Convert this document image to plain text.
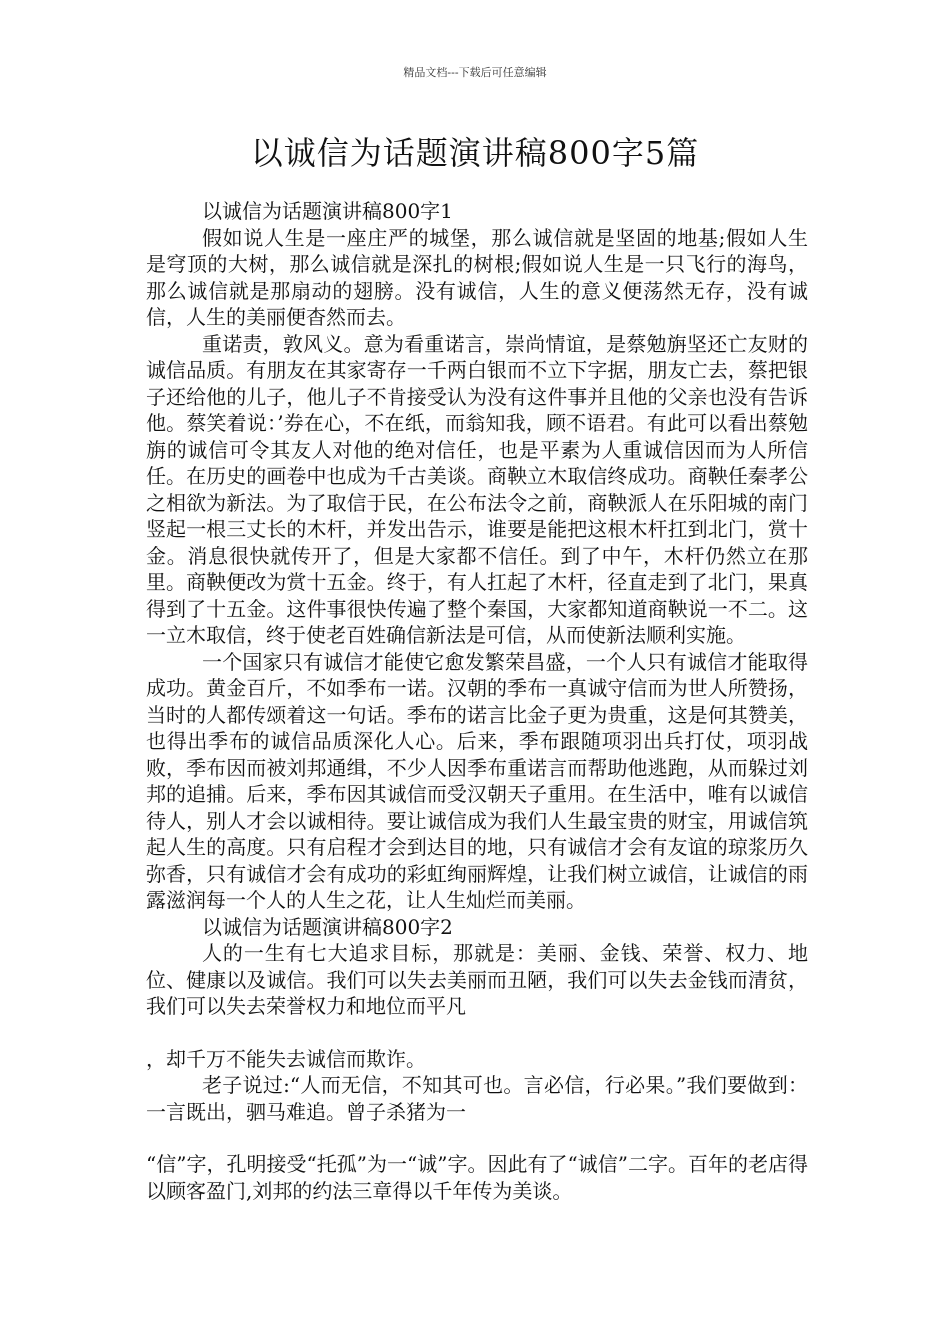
精品文档---下载后可任意编辑
以诚信为话题演讲稿800字5篇

以诚信为话题演讲稿800字1

假如说人生是一座庄严的城堡，那么诚信就是坚固的地基;假如人生是穹顶的大树，那么诚信就是深扎的树根;假如说人生是一只飞行的海鸟，那么诚信就是那扇动的翅膀。没有诚信，人生的意义便荡然无存，没有诚信，人生的美丽便杳然而去。

重诺责，敦风义。意为看重诺言，崇尚情谊，是蔡勉旃坚还亡友财的诚信品质。有朋友在其家寄存一千两白银而不立下字据，朋友亡去，蔡把银子还给他的儿子，他儿子不肯接受认为没有这件事并且他的父亲也没有告诉他。蔡笑着说：’券在心，不在纸，而翁知我，顾不语君。有此可以看出蔡勉旃的诚信可令其友人对他的绝对信任，也是平素为人重诚信因而为人所信任。在历史的画卷中也成为千古美谈。商鞅立木取信终成功。商鞅任秦孝公之相欲为新法。为了取信于民，在公布法令之前，商鞅派人在乐阳城的南门竖起一根三丈长的木杆，并发出告示，谁要是能把这根木杆扛到北门，赏十金。消息很快就传开了，但是大家都不信任。到了中午，木杆仍然立在那里。商鞅便改为赏十五金。终于，有人扛起了木杆，径直走到了北门，果真得到了十五金。这件事很快传遍了整个秦国，大家都知道商鞅说一不二。这一立木取信，终于使老百姓确信新法是可信，从而使新法顺利实施。

一个国家只有诚信才能使它愈发繁荣昌盛，一个人只有诚信才能取得成功。黄金百斤，不如季布一诺。汉朝的季布一真诚守信而为世人所赞扬，当时的人都传颂着这一句话。季布的诺言比金子更为贵重，这是何其赞美，也得出季布的诚信品质深化人心。后来，季布跟随项羽出兵打仗，项羽战败，季布因而被刘邦通缉，不少人因季布重诺言而帮助他逃跑，从而躲过刘邦的追捕。后来，季布因其诚信而受汉朝天子重用。在生活中，唯有以诚信待人，别人才会以诚相待。要让诚信成为我们人生最宝贵的财宝，用诚信筑起人生的高度。只有启程才会到达目的地，只有诚信才会有友谊的琼浆历久弥香，只有诚信才会有成功的彩虹绚丽辉煌，让我们树立诚信，让诚信的雨露滋润每一个人的人生之花，让人生灿烂而美丽。

以诚信为话题演讲稿800字2

人的一生有七大追求目标，那就是：美丽、金钱、荣誉、权力、地位、健康以及诚信。我们可以失去美丽而丑陋，我们可以失去金钱而清贫，我们可以失去荣誉权力和地位而平凡

，却千万不能失去诚信而欺诈。

老子说过:“人而无信，不知其可也。言必信，行必果。”我们要做到：一言既出，驷马难追。曾子杀猪为一

“信”字，孔明接受“托孤”为一“诚”字。因此有了“诚信”二字。百年的老店得以顾客盈门,刘邦的约法三章得以千年传为美谈。
